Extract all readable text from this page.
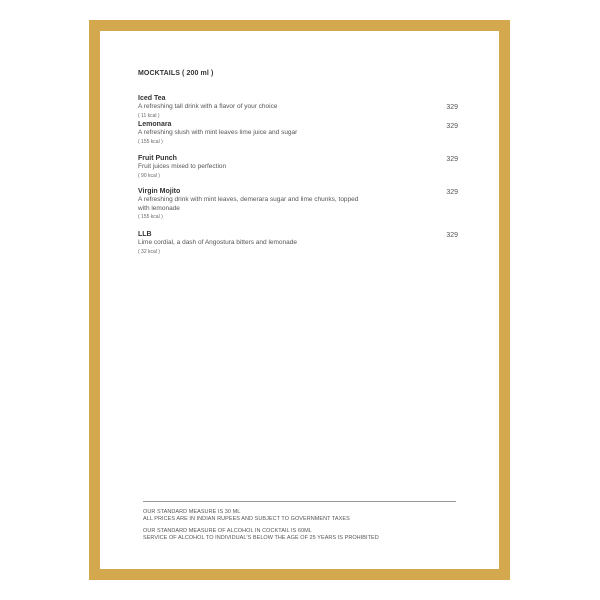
MOCKTAILS ( 200 ml )
Iced Tea
A refreshing tall drink with a flavor of your choice
( 11 kcal )
329
Lemonara
A refreshing slush with mint leaves lime juice and sugar
( 155 kcal )
329
Fruit Punch
Fruit juices mixed to perfection
( 90 kcal )
329
Virgin Mojito
A refreshing drink with mint leaves, demerara sugar and lime chunks, topped with lemonade
( 155 kcal )
329
LLB
Lime cordial, a dash of Angostura bitters and lemonade
( 32 kcal )
329
OUR STANDARD MEASURE IS 30 ML
ALL PRICES ARE IN INDIAN RUPEES AND SUBJECT TO GOVERNMENT TAXES
OUR STANDARD MEASURE OF ALCOHOL IN COCKTAIL IS 60ML
SERVICE OF ALCOHOL TO INDIVIDUAL'S BELOW THE AGE OF 25 YEARS IS PROHIBITED
